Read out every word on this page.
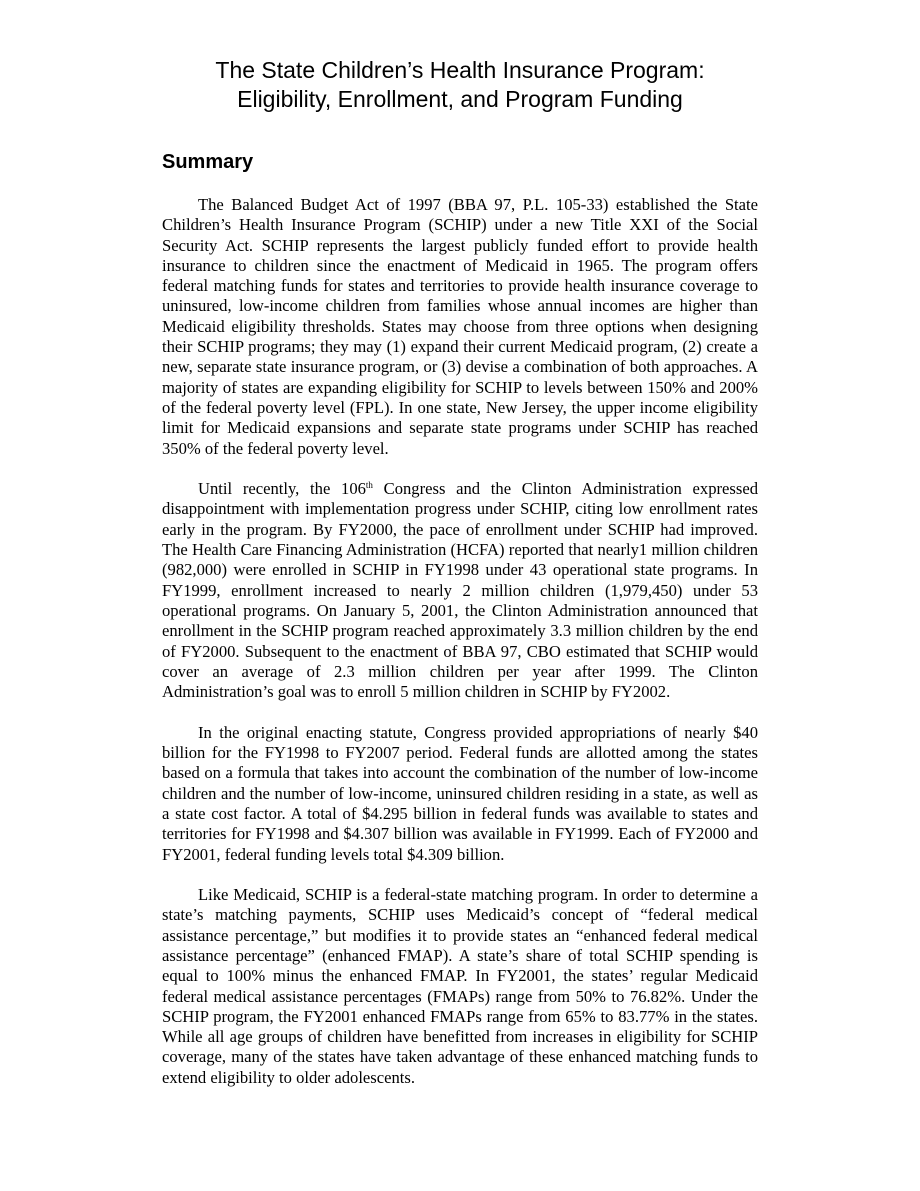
The State Children’s Health Insurance Program:
Eligibility, Enrollment, and Program Funding
Summary

The Balanced Budget Act of 1997 (BBA 97, P.L. 105-33) established the State Children’s Health Insurance Program (SCHIP) under a new Title XXI of the Social Security Act. SCHIP represents the largest publicly funded effort to provide health insurance to children since the enactment of Medicaid in 1965. The program offers federal matching funds for states and territories to provide health insurance coverage to uninsured, low-income children from families whose annual incomes are higher than Medicaid eligibility thresholds. States may choose from three options when designing their SCHIP programs; they may (1) expand their current Medicaid program, (2) create a new, separate state insurance program, or (3) devise a combination of both approaches. A majority of states are expanding eligibility for SCHIP to levels between 150% and 200% of the federal poverty level (FPL). In one state, New Jersey, the upper income eligibility limit for Medicaid expansions and separate state programs under SCHIP has reached 350% of the federal poverty level.

Until recently, the 106th Congress and the Clinton Administration expressed disappointment with implementation progress under SCHIP, citing low enrollment rates early in the program. By FY2000, the pace of enrollment under SCHIP had improved. The Health Care Financing Administration (HCFA) reported that nearly1 million children (982,000) were enrolled in SCHIP in FY1998 under 43 operational state programs. In FY1999, enrollment increased to nearly 2 million children (1,979,450) under 53 operational programs. On January 5, 2001, the Clinton Administration announced that enrollment in the SCHIP program reached approximately 3.3 million children by the end of FY2000. Subsequent to the enactment of BBA 97, CBO estimated that SCHIP would cover an average of 2.3 million children per year after 1999. The Clinton Administration’s goal was to enroll 5 million children in SCHIP by FY2002.

In the original enacting statute, Congress provided appropriations of nearly $40 billion for the FY1998 to FY2007 period. Federal funds are allotted among the states based on a formula that takes into account the combination of the number of low-income children and the number of low-income, uninsured children residing in a state, as well as a state cost factor. A total of $4.295 billion in federal funds was available to states and territories for FY1998 and $4.307 billion was available in FY1999. Each of FY2000 and FY2001, federal funding levels total $4.309 billion.

Like Medicaid, SCHIP is a federal-state matching program. In order to determine a state’s matching payments, SCHIP uses Medicaid’s concept of “federal medical assistance percentage,” but modifies it to provide states an “enhanced federal medical assistance percentage” (enhanced FMAP). A state’s share of total SCHIP spending is equal to 100% minus the enhanced FMAP. In FY2001, the states’ regular Medicaid federal medical assistance percentages (FMAPs) range from 50% to 76.82%. Under the SCHIP program, the FY2001 enhanced FMAPs range from 65% to 83.77% in the states. While all age groups of children have benefitted from increases in eligibility for SCHIP coverage, many of the states have taken advantage of these enhanced matching funds to extend eligibility to older adolescents.
